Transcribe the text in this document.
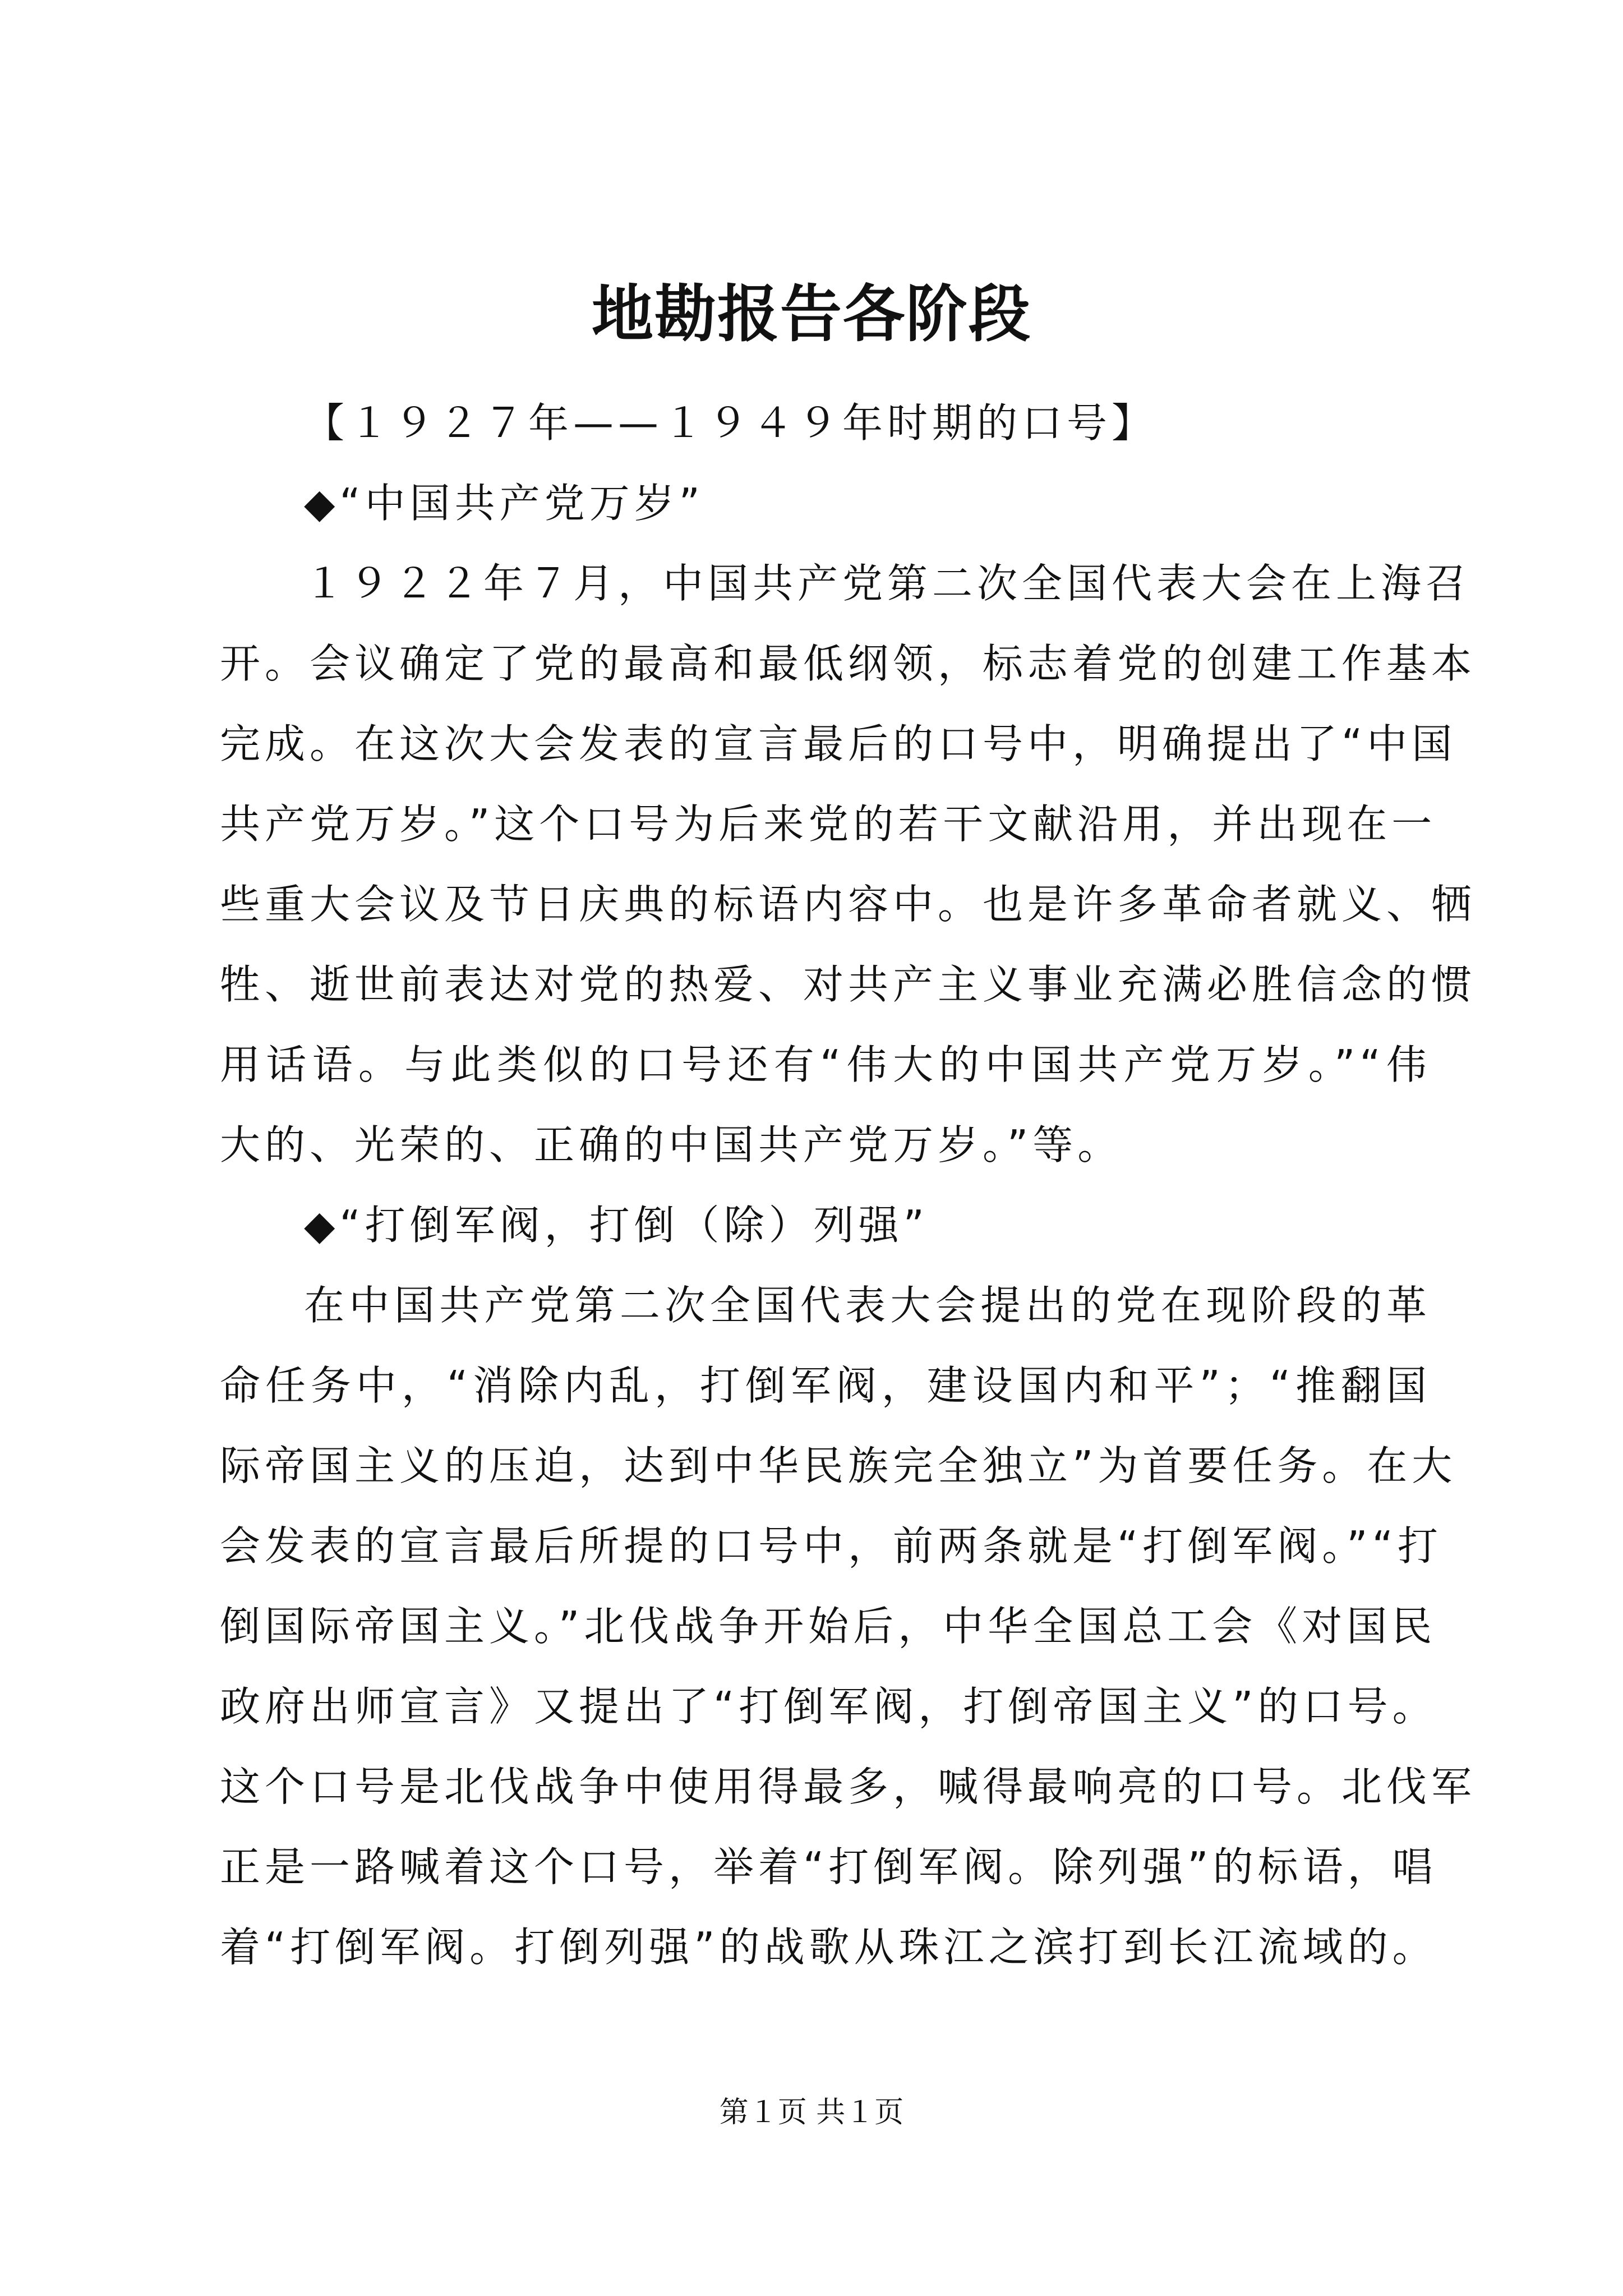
地勘报告各阶段
【１９２７年——１９４９年时期的口号】
◆“中国共产党万岁”
１９２２年７月，中国共产党第二次全国代表大会在上海召
开。会议确定了党的最高和最低纲领，标志着党的创建工作基本
完成。在这次大会发表的宣言最后的口号中，明确提出了“中国
共产党万岁。”这个口号为后来党的若干文献沿用，并出现在一
些重大会议及节日庆典的标语内容中。也是许多革命者就义、牺
牲、逝世前表达对党的热爱、对共产主义事业充满必胜信念的惯
用话语。与此类似的口号还有“伟大的中国共产党万岁。”“伟
大的、光荣的、正确的中国共产党万岁。”等。
◆“打倒军阀，打倒（除）列强”
在中国共产党第二次全国代表大会提出的党在现阶段的革
命任务中，“消除内乱，打倒军阀，建设国内和平”；“推翻国
际帝国主义的压迫，达到中华民族完全独立”为首要任务。在大
会发表的宣言最后所提的口号中，前两条就是“打倒军阀。”“打
倒国际帝国主义。”北伐战争开始后，中华全国总工会《对国民
政府出师宣言》又提出了“打倒军阀，打倒帝国主义”的口号。
这个口号是北伐战争中使用得最多，喊得最响亮的口号。北伐军
正是一路喊着这个口号，举着“打倒军阀。除列强”的标语，唱
着“打倒军阀。打倒列强”的战歌从珠江之滨打到长江流域的。
第１页 共１页
